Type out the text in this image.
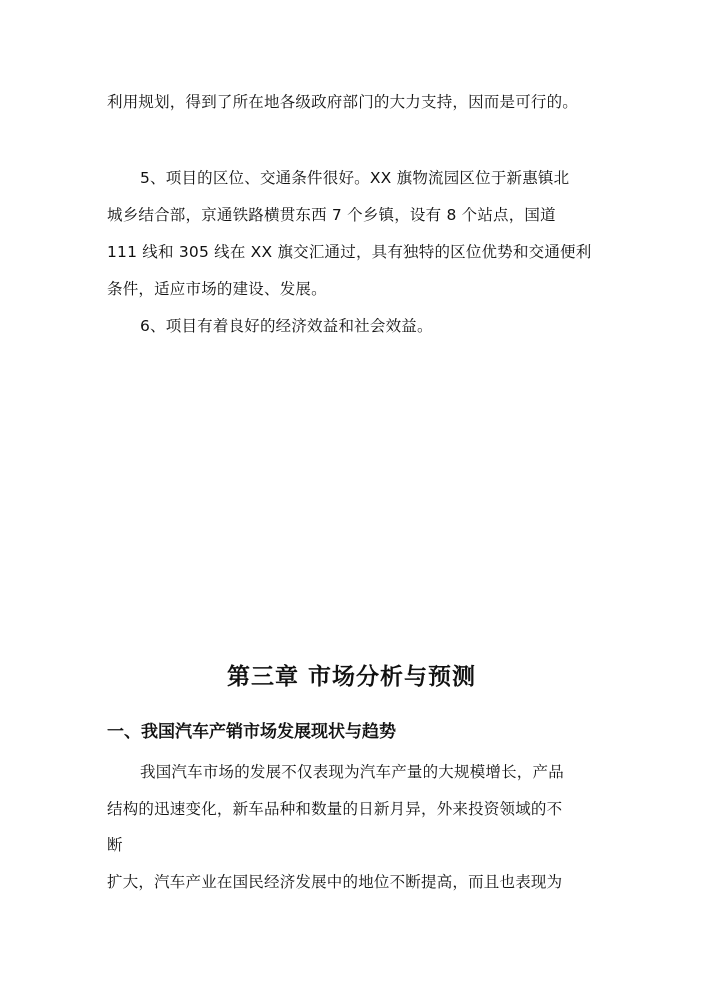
利用规划，得到了所在地各级政府部门的大力支持，因而是可行的。
5、项目的区位、交通条件很好。XX 旗物流园区位于新惠镇北
城乡结合部，京通铁路横贯东西 7 个乡镇，设有 8 个站点，国道
111 线和 305 线在 XX 旗交汇通过，具有独特的区位优势和交通便利
条件，适应市场的建设、发展。
6、项目有着良好的经济效益和社会效益。
第三章 市场分析与预测
一、我国汽车产销市场发展现状与趋势
我国汽车市场的发展不仅表现为汽车产量的大规模增长，产品
结构的迅速变化，新车品种和数量的日新月异，外来投资领域的不
断
扩大，汽车产业在国民经济发展中的地位不断提高，而且也表现为
